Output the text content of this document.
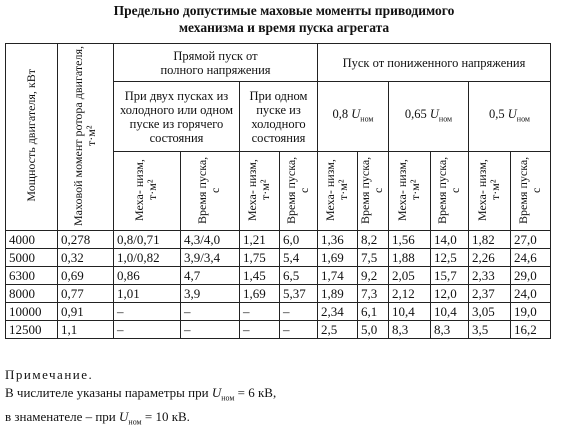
Предельно допустимые маховые моменты приводимого
механизма и время пуска агрегата
Мощность двигателя, кВт	Маховой момент ротора двигателя, т·м²	Прямой пуск от полного напряжения				Пуск от пониженного напряжения					

		При двух пусках из холодного или одном пуске из горячего состояния		При одном пуске из холодного состояния		0,8 $U_{ном}$		0,65 $U_{ном}$		0,5 $U_{ном}$
		Меха- низм, т·м²	Время пуска, с	Меха- низм, т·м²	Время пуска, с	Меха- низм, т·м²	Время пуска, с	Меха- низм, т·м²	Время пуска, с	Меха- низм, т·м²	Время пуска, с
4000	0,278	0,8/0,71	4,3/4,0	1,21	6,0	1,36	8,2	1,56	14,0	1,82	27,0
5000	0,32	1,0/0,82	3,9/3,4	1,75	5,4	1,69	7,5	1,88	12,5	2,26	24,6
6300	0,69	0,86	4,7	1,45	6,5	1,74	9,2	2,05	15,7	2,33	29,0
8000	0,77	1,01	3,9	1,69	5,37	1,89	7,3	2,12	12,0	2,37	24,0
10000	0,91	–	–	–	–	2,34	6,1	10,4	10,4	3,05	19,0
12500	1,1	–	–	–	–	2,5	5,0	8,3	8,3	3,5	16,2
Примечание.
В числителе указаны параметры при $U_{ном} = 6$ кВ,
в знаменателе – при $U_{ном} = 10$ кВ.
